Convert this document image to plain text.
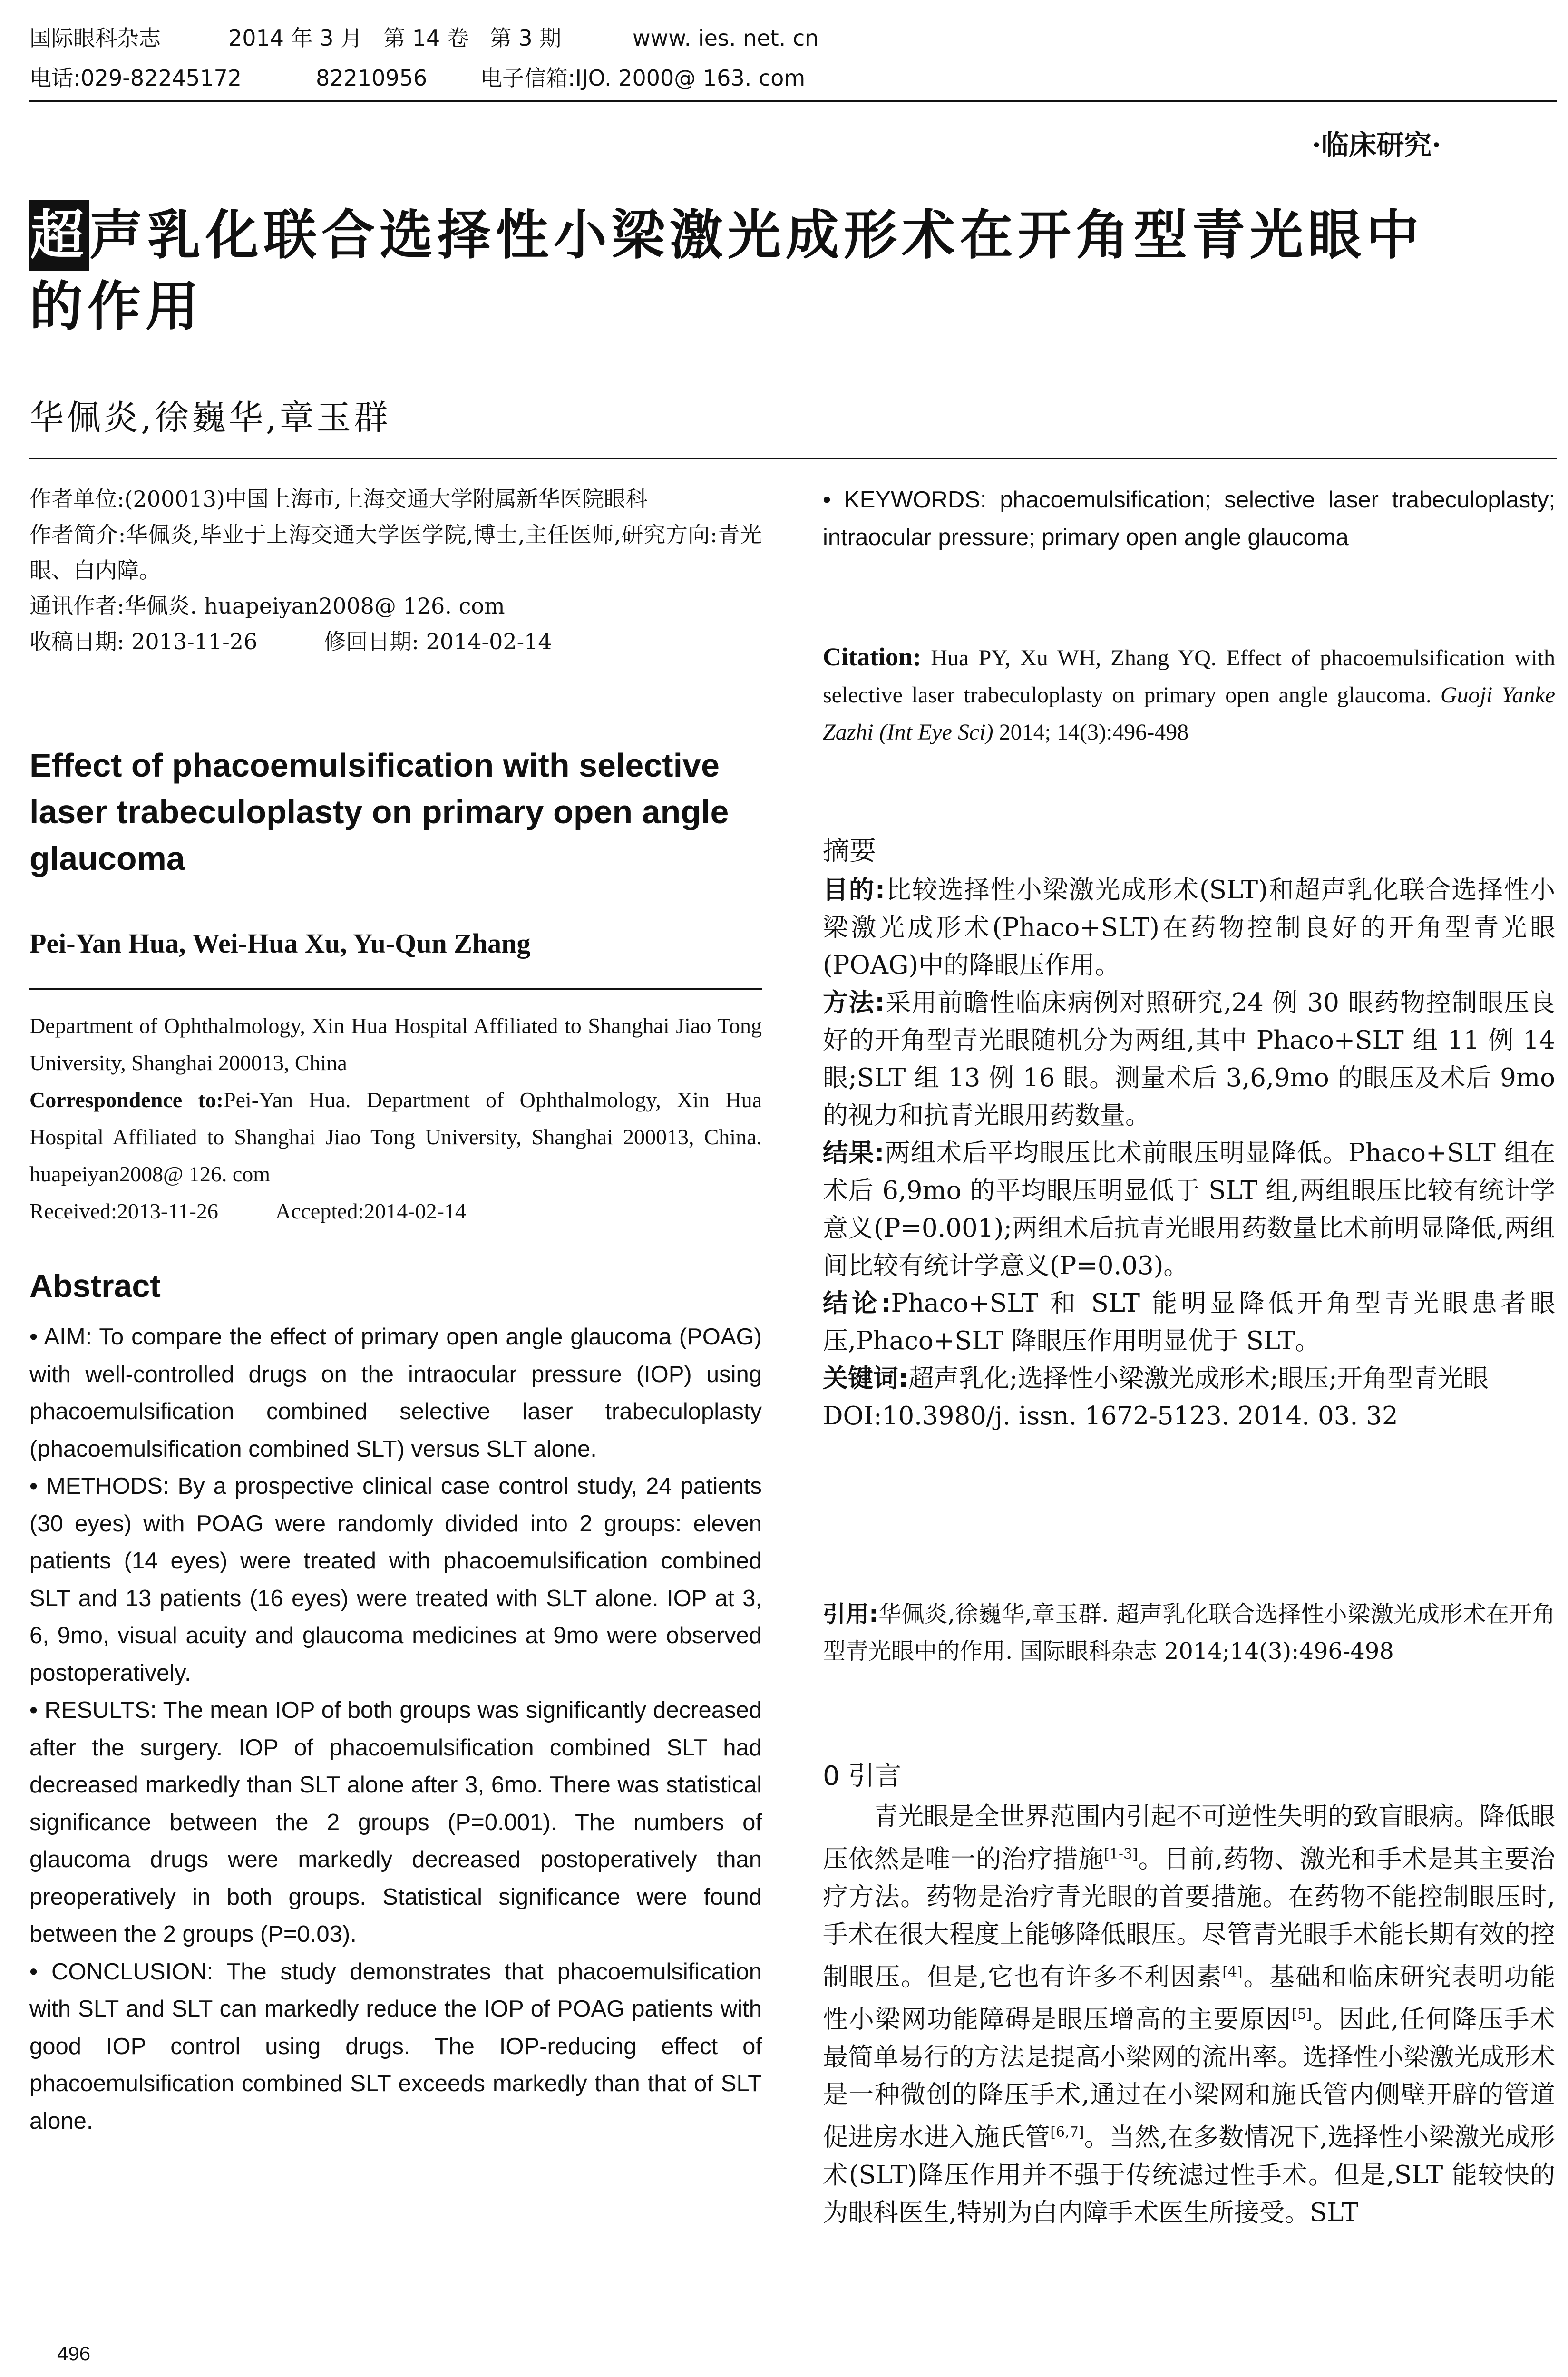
国际眼科杂志	2014 年 3 月   第 14 卷   第 3 期	www. ies. net. cn
电话:029-82245172	82210956 电子信箱:IJO. 2000@ 163. com
·临床研究·
超声乳化联合选择性小梁激光成形术在开角型青光眼中
的作用
华佩炎,徐巍华,章玉群

作者单位:(200013)中国上海市,上海交通大学附属新华医院眼科

作者简介:华佩炎,毕业于上海交通大学医学院,博士,主任医师,研究方向:青光眼、白内障。

通讯作者:华佩炎. huapeiyan2008@ 126. com

收稿日期: 2013-11-26	修回日期: 2014-02-14

Effect of phacoemulsification with selective laser trabeculoplasty on primary open angle glaucoma
Pei-Yan Hua, Wei-Hua Xu, Yu-Qun Zhang
Department of Ophthalmology, Xin Hua Hospital Affiliated to Shanghai Jiao Tong University, Shanghai 200013, China
Correspondence to:Pei-Yan Hua. Department of Ophthalmology, Xin Hua Hospital Affiliated to Shanghai Jiao Tong University, Shanghai 200013, China. huapeiyan2008@ 126. com
Received:2013-11-26	Accepted:2014-02-14
Abstract

• AIM: To compare the effect of primary open angle glaucoma (POAG) with well-controlled drugs on the intraocular pressure (IOP) using phacoemulsification combined selective laser trabeculoplasty (phacoemulsification combined SLT) versus SLT alone.

• METHODS: By a prospective clinical case control study, 24 patients (30 eyes) with POAG were randomly divided into 2 groups: eleven patients (14 eyes) were treated with phacoemulsification combined SLT and 13 patients (16 eyes) were treated with SLT alone. IOP at 3, 6, 9mo, visual acuity and glaucoma medicines at 9mo were observed postoperatively.

• RESULTS: The mean IOP of both groups was significantly decreased after the surgery. IOP of phacoemulsification combined SLT had decreased markedly than SLT alone after 3, 6mo. There was statistical significance between the 2 groups (P=0.001). The numbers of glaucoma drugs were markedly decreased postoperatively than preoperatively in both groups. Statistical significance were found between the 2 groups (P=0.03).

• CONCLUSION: The study demonstrates that phacoemulsification with SLT and SLT can markedly reduce the IOP of POAG patients with good IOP control using drugs. The IOP-reducing effect of phacoemulsification combined SLT exceeds markedly than that of SLT alone.

496
• KEYWORDS: phacoemulsification; selective laser trabeculoplasty; intraocular pressure; primary open angle glaucoma
Citation: Hua PY, Xu WH, Zhang YQ. Effect of phacoemulsification with selective laser trabeculoplasty on primary open angle glaucoma. Guoji Yanke Zazhi (Int Eye Sci) 2014; 14(3):496-498
摘要

目的:比较选择性小梁激光成形术(SLT)和超声乳化联合选择性小梁激光成形术(Phaco+SLT)在药物控制良好的开角型青光眼(POAG)中的降眼压作用。

方法:采用前瞻性临床病例对照研究,24 例 30 眼药物控制眼压良好的开角型青光眼随机分为两组,其中 Phaco+SLT 组 11 例 14 眼;SLT 组 13 例 16 眼。测量术后 3,6,9mo 的眼压及术后 9mo 的视力和抗青光眼用药数量。

结果:两组术后平均眼压比术前眼压明显降低。Phaco+SLT 组在术后 6,9mo 的平均眼压明显低于 SLT 组,两组眼压比较有统计学意义(P=0.001);两组术后抗青光眼用药数量比术前明显降低,两组间比较有统计学意义(P=0.03)。

结论:Phaco+SLT 和 SLT 能明显降低开角型青光眼患者眼压,Phaco+SLT 降眼压作用明显优于 SLT。

关键词:超声乳化;选择性小梁激光成形术;眼压;开角型青光眼

DOI:10.3980/j. issn. 1672-5123. 2014. 03. 32

引用:华佩炎,徐巍华,章玉群. 超声乳化联合选择性小梁激光成形术在开角型青光眼中的作用. 国际眼科杂志 2014;14(3):496-498
0 引言

青光眼是全世界范围内引起不可逆性失明的致盲眼病。降低眼压依然是唯一的治疗措施[1-3]。目前,药物、激光和手术是其主要治疗方法。药物是治疗青光眼的首要措施。在药物不能控制眼压时,手术在很大程度上能够降低眼压。尽管青光眼手术能长期有效的控制眼压。但是,它也有许多不利因素[4]。基础和临床研究表明功能性小梁网功能障碍是眼压增高的主要原因[5]。因此,任何降压手术最简单易行的方法是提高小梁网的流出率。选择性小梁激光成形术是一种微创的降压手术,通过在小梁网和施氏管内侧壁开辟的管道促进房水进入施氏管[6,7]。当然,在多数情况下,选择性小梁激光成形术(SLT)降压作用并不强于传统滤过性手术。但是,SLT 能较快的为眼科医生,特别为白内障手术医生所接受。SLT
